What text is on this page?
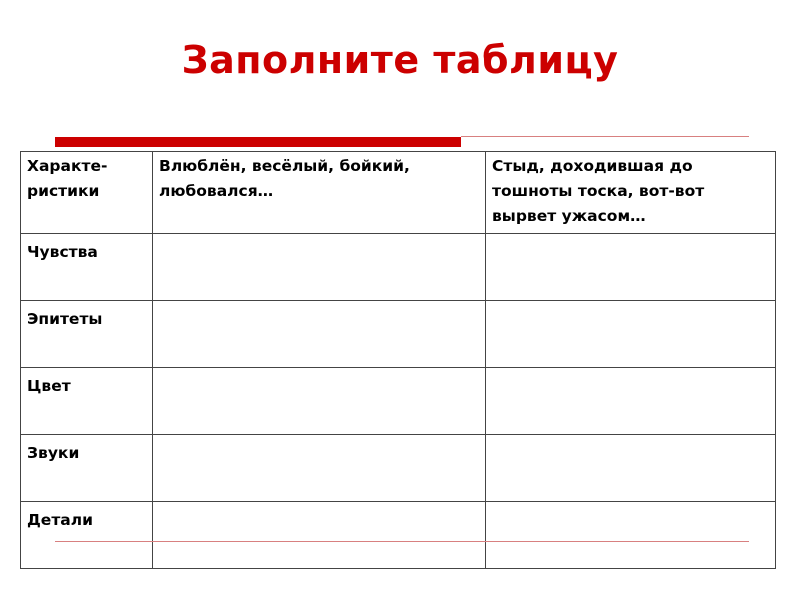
Заполните таблицу
Характе-ристики	Влюблён, весёлый, бойкий, любовался…	Стыд, доходившая до тошноты тоска, вот-вот вырвет ужасом…
Чувства		
Эпитеты		
Цвет		
Звуки		
Детали		
